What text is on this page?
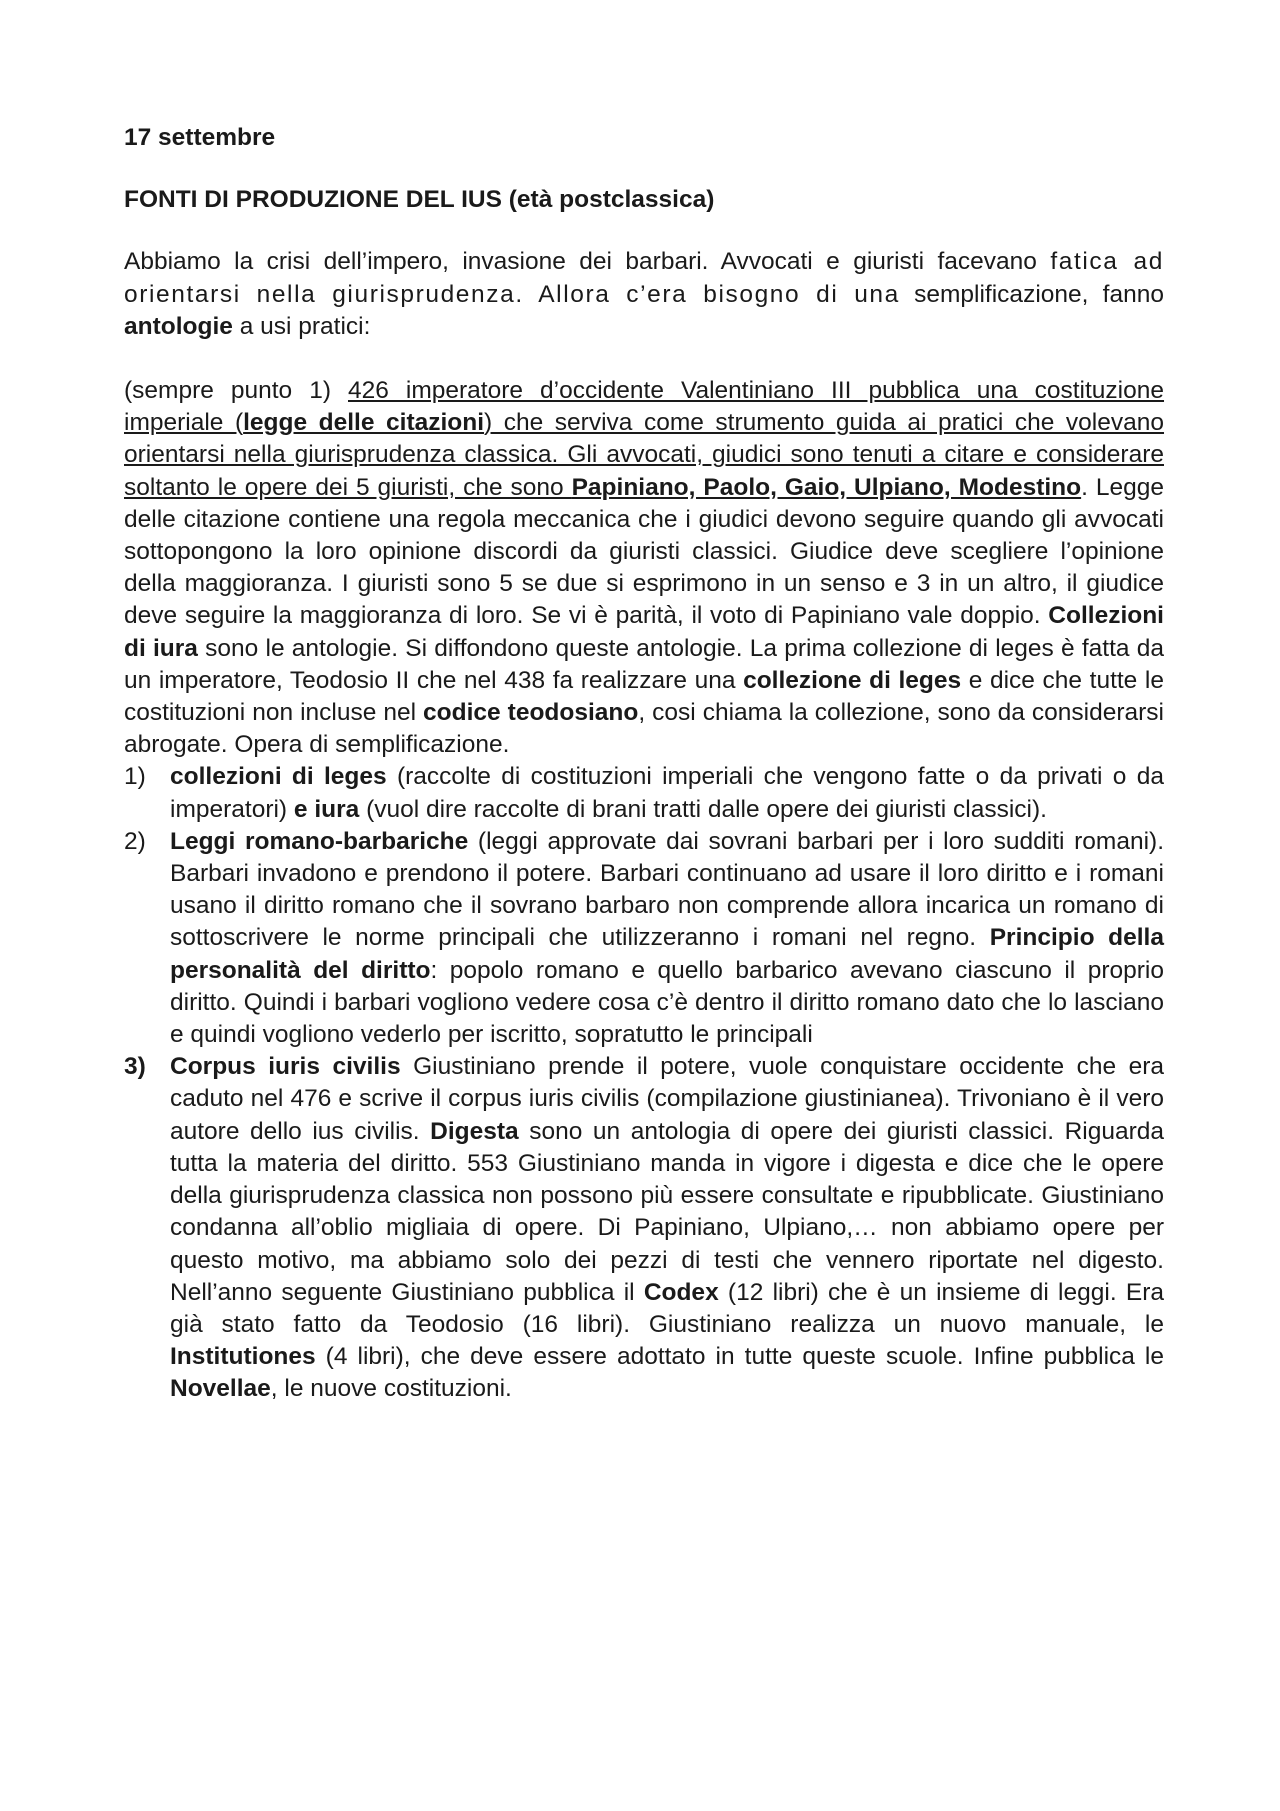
17 settembre

FONTI DI PRODUZIONE DEL IUS (età postclassica)

Abbiamo la crisi dell’impero, invasione dei barbari. Avvocati e giuristi facevano fatica ad orientarsi nella giurisprudenza. Allora c’era bisogno di una semplificazione, fanno antologie a usi pratici:

(sempre punto 1) 426 imperatore d’occidente Valentiniano III pubblica una costituzione imperiale (legge delle citazioni) che serviva come strumento guida ai pratici che volevano orientarsi nella giurisprudenza classica. Gli avvocati, giudici sono tenuti a citare e considerare soltanto le opere dei 5 giuristi, che sono Papiniano, Paolo, Gaio, Ulpiano, Modestino. Legge delle citazione contiene una regola meccanica che i giudici devono seguire quando gli avvocati sottopongono la loro opinione discordi da giuristi classici. Giudice deve scegliere l’opinione della maggioranza. I giuristi sono 5 se due si esprimono in un senso e 3 in un altro, il giudice deve seguire la maggioranza di loro. Se vi è parità, il voto di Papiniano vale doppio. Collezioni di iura sono le antologie. Si diffondono queste antologie. La prima collezione di leges è fatta da un imperatore, Teodosio II che nel 438 fa realizzare una collezione di leges e dice che tutte le costituzioni non incluse nel codice teodosiano, cosi chiama la collezione, sono da considerarsi abrogate. Opera di semplificazione.

1) collezioni di leges (raccolte di costituzioni imperiali che vengono fatte o da privati o da imperatori) e iura (vuol dire raccolte di brani tratti dalle opere dei giuristi classici).
2) Leggi romano-barbariche (leggi approvate dai sovrani barbari per i loro sudditi romani). Barbari invadono e prendono il potere. Barbari continuano ad usare il loro diritto e i romani usano il diritto romano che il sovrano barbaro non comprende allora incarica un romano di sottoscrivere le norme principali che utilizzeranno i romani nel regno. Principio della personalità del diritto: popolo romano e quello barbarico avevano ciascuno il proprio diritto. Quindi i barbari vogliono vedere cosa c’è dentro il diritto romano dato che lo lasciano e quindi vogliono vederlo per iscritto, sopratutto le principali
3) Corpus iuris civilis Giustiniano prende il potere, vuole conquistare occidente che era caduto nel 476 e scrive il corpus iuris civilis (compilazione giustinianea). Trivoniano è il vero autore dello ius civilis. Digesta sono un antologia di opere dei giuristi classici. Riguarda tutta la materia del diritto. 553 Giustiniano manda in vigore i digesta e dice che le opere della giurisprudenza classica non possono più essere consultate e ripubblicate. Giustiniano condanna all’oblio migliaia di opere. Di Papiniano, Ulpiano,… non abbiamo opere per questo motivo, ma abbiamo solo dei pezzi di testi che vennero riportate nel digesto. Nell’anno seguente Giustiniano pubblica il Codex (12 libri) che è un insieme di leggi. Era già stato fatto da Teodosio (16 libri). Giustiniano realizza un nuovo manuale, le Institutiones (4 libri), che deve essere adottato in tutte queste scuole. Infine pubblica le Novellae, le nuove costituzioni.
